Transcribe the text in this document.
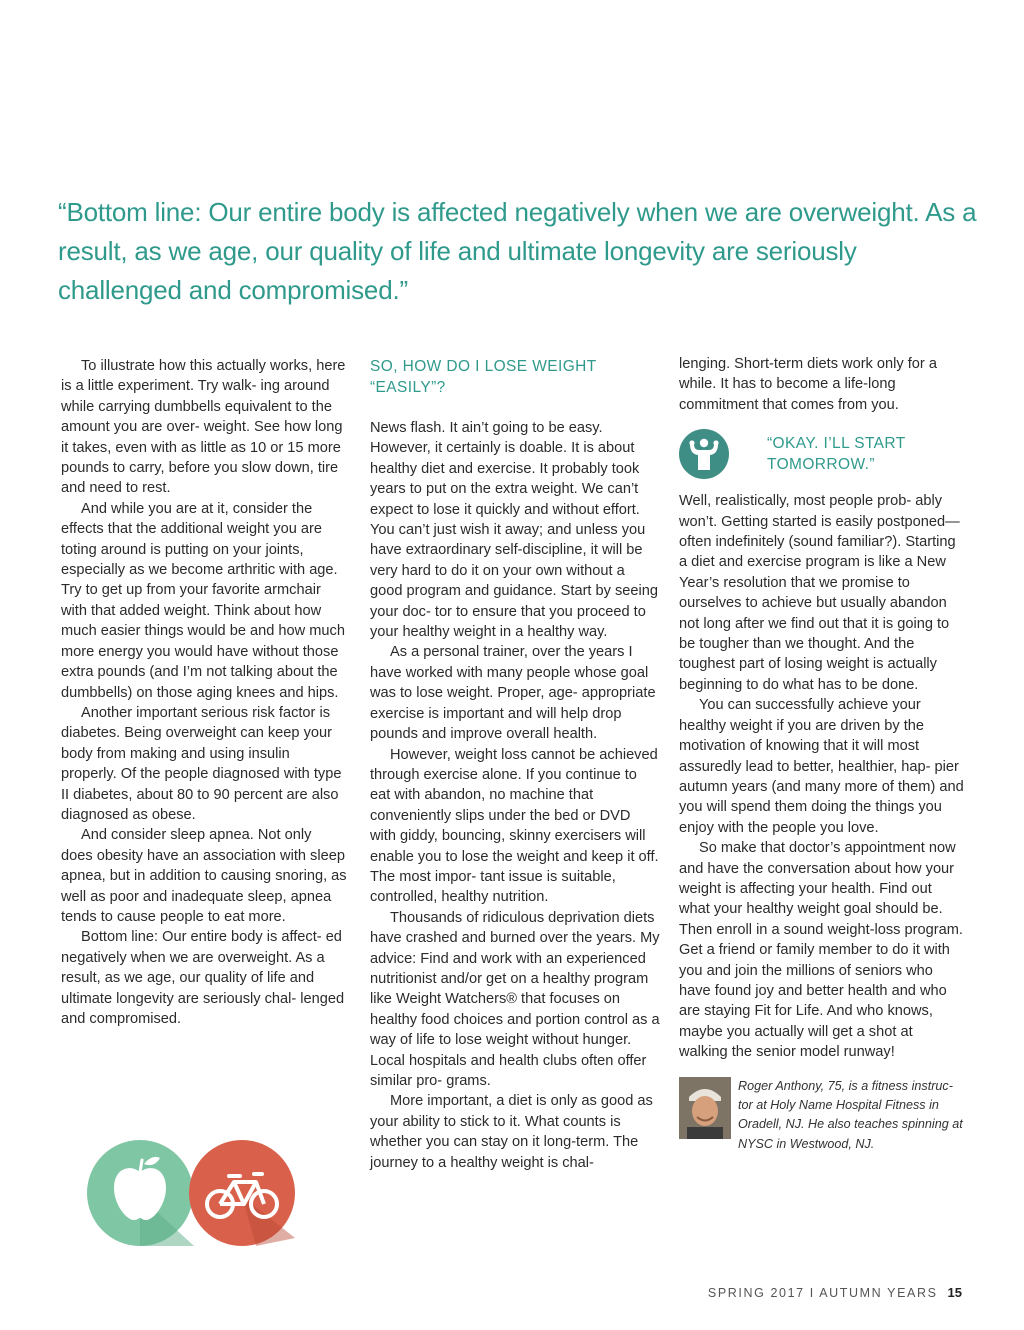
“Bottom line: Our entire body is affected negatively when we are overweight. As a result, as we age, our quality of life and ultimate longevity are seriously challenged and compromised.”

To illustrate how this actually works, here is a little experiment. Try walk- ing around while carrying dumbbells equivalent to the amount you are over- weight. See how long it takes, even with as little as 10 or 15 more pounds to carry, before you slow down, tire and need to rest.

And while you are at it, consider the effects that the additional weight you are toting around is putting on your joints, especially as we become arthritic with age. Try to get up from your favorite armchair with that added weight. Think about how much easier things would be and how much more energy you would have without those extra pounds (and I’m not talking about the dumbbells) on those aging knees and hips.

Another important serious risk factor is diabetes. Being overweight can keep your body from making and using insulin properly. Of the people diagnosed with type II diabetes, about 80 to 90 percent are also diagnosed as obese.

And consider sleep apnea. Not only does obesity have an association with sleep apnea, but in addition to causing snoring, as well as poor and inadequate sleep, apnea tends to cause people to eat more.

Bottom line: Our entire body is affect- ed negatively when we are overweight. As a result, as we age, our quality of life and ultimate longevity are seriously chal- lenged and compromised.

SO, HOW DO I LOSE WEIGHT “EASILY”?

News flash. It ain’t going to be easy. However, it certainly is doable. It is about healthy diet and exercise. It probably took years to put on the extra weight. We can’t expect to lose it quickly and without effort. You can’t just wish it away; and unless you have extraordinary self-discipline, it will be very hard to do it on your own without a good program and guidance. Start by seeing your doc- tor to ensure that you proceed to your healthy weight in a healthy way.

As a personal trainer, over the years I have worked with many people whose goal was to lose weight. Proper, age- appropriate exercise is important and will help drop pounds and improve overall health.

However, weight loss cannot be achieved through exercise alone. If you continue to eat with abandon, no machine that conveniently slips under the bed or DVD with giddy, bouncing, skinny exercisers will enable you to lose the weight and keep it off. The most impor- tant issue is suitable, controlled, healthy nutrition.

Thousands of ridiculous deprivation diets have crashed and burned over the years. My advice: Find and work with an experienced nutritionist and/or get on a healthy program like Weight Watchers® that focuses on healthy food choices and portion control as a way of life to lose weight without hunger. Local hospitals and health clubs often offer similar pro- grams.

More important, a diet is only as good as your ability to stick to it. What counts is whether you can stay on it long-term. The journey to a healthy weight is chal-

lenging. Short-term diets work only for a while. It has to become a life-long commitment that comes from you.

“OKAY. I’LL START TOMORROW.”

Well, realistically, most people prob- ably won’t. Getting started is easily postponed—often indefinitely (sound familiar?). Starting a diet and exercise program is like a New Year’s resolution that we promise to ourselves to achieve but usually abandon not long after we find out that it is going to be tougher than we thought. And the toughest part of losing weight is actually beginning to do what has to be done.

You can successfully achieve your healthy weight if you are driven by the motivation of knowing that it will most assuredly lead to better, healthier, hap- pier autumn years (and many more of them) and you will spend them doing the things you enjoy with the people you love.

So make that doctor’s appointment now and have the conversation about how your weight is affecting your health. Find out what your healthy weight goal should be. Then enroll in a sound weight-loss program. Get a friend or family member to do it with you and join the millions of seniors who have found joy and better health and who are staying Fit for Life. And who knows, maybe you actually will get a shot at walking the senior model runway!

Roger Anthony, 75, is a fitness instruc- tor at Holy Name Hospital Fitness in Oradell, NJ. He also teaches spinning at NYSC in Westwood, NJ.

SPRING 2017 I AUTUMN YEARS 15
